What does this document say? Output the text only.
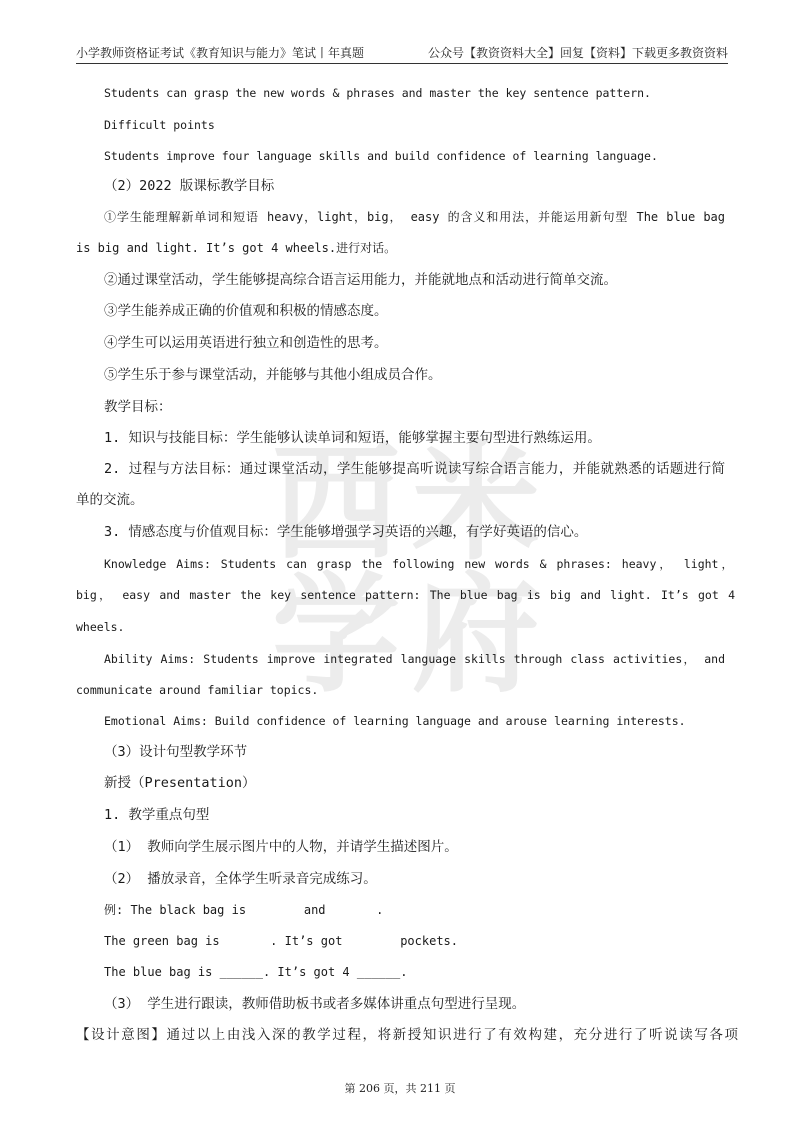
小学教师资格证考试《教育知识与能力》笔试丨年真题	公众号【教资资料大全】回复【资料】下载更多教资资料
西 米
学 府
Students can grasp the new words & phrases and master the key sentence pattern.
Difficult points
Students improve four language skills and build confidence of learning language.
（2）2022 版课标教学目标
①学生能理解新单词和短语 heavy，light，big， easy 的含义和用法，并能运用新句型 The blue bag
is big and light. It’s got 4 wheels.进行对话。
②通过课堂活动，学生能够提高综合语言运用能力，并能就地点和活动进行简单交流。
③学生能养成正确的价值观和积极的情感态度。
④学生可以运用英语进行独立和创造性的思考。
⑤学生乐于参与课堂活动，并能够与其他小组成员合作。
教学目标：
1. 知识与技能目标：学生能够认读单词和短语，能够掌握主要句型进行熟练运用。
2. 过程与方法目标：通过课堂活动，学生能够提高听说读写综合语言能力，并能就熟悉的话题进行简
单的交流。
3. 情感态度与价值观目标：学生能够增强学习英语的兴趣，有学好英语的信心。
Knowledge Aims: Students can grasp the following new words & phrases: heavy， light，
big， easy and master the key sentence pattern: The blue bag is big and light. It’s got 4
wheels.
Ability Aims: Students improve integrated language skills through class activities， and
communicate around familiar topics.
Emotional Aims: Build confidence of learning language and arouse learning interests.
（3）设计句型教学环节
新授（Presentation）
1. 教学重点句型
（1） 教师向学生展示图片中的人物，并请学生描述图片。
（2） 播放录音，全体学生听录音完成练习。
例: The black bag is        and       .
The green bag is       . It’s got        pockets.
The blue bag is ______. It’s got 4 ______.
（3） 学生进行跟读，教师借助板书或者多媒体讲重点句型进行呈现。
【设计意图】通过以上由浅入深的教学过程，将新授知识进行了有效构建，充分进行了听说读写各项
第 206 页，共 211 页
